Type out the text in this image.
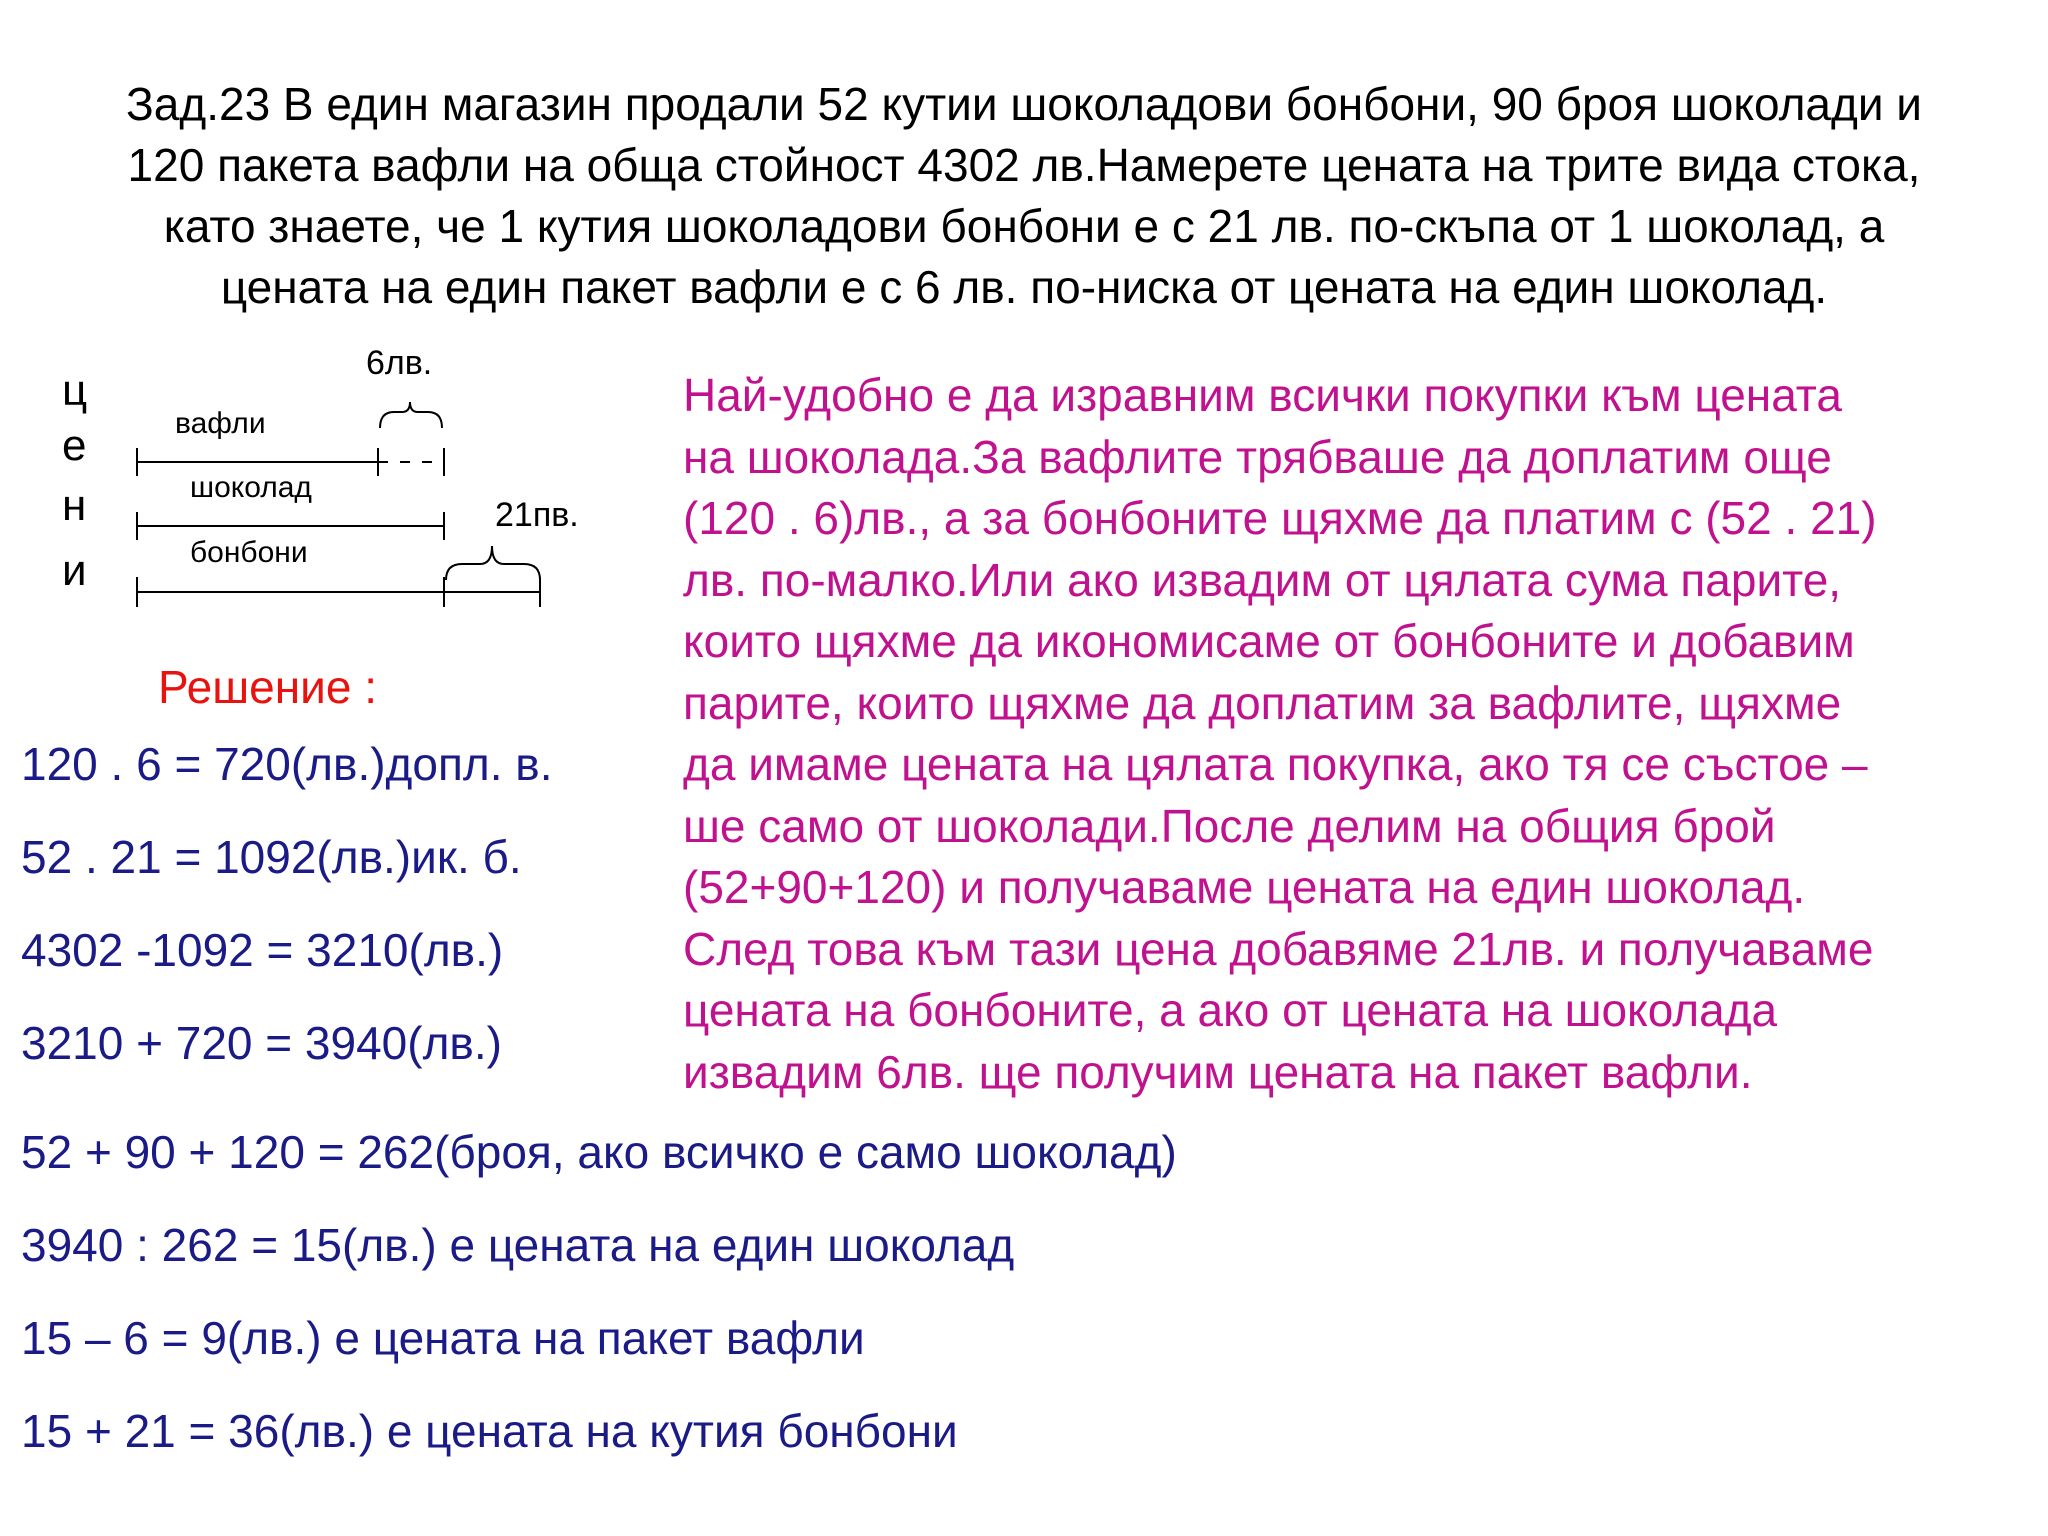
Зад.23 В един магазин продали 52 кутии шоколадови бонбони, 90 броя шоколади и
120 пакета вафли на обща стойност 4302 лв.Намерете цената на трите вида стока,
като знаете, че 1 кутия шоколадови бонбони е с 21 лв. по-скъпа от 1 шоколад, а
цената на един пакет вафли е с 6 лв. по-ниска от цената на един шоколад.
ц
е
н
и
6лв.
вафли
шоколад
21пв.
бонбони

Решение :

120 . 6 = 720(лв.)допл. в.

52 . 21 = 1092(лв.)ик. б.

4302 -1092 = 3210(лв.)

3210 + 720 = 3940(лв.)

52 + 90 + 120 = 262(броя, ако всичко е само шоколад)

3940 : 262 = 15(лв.) е цената на един шоколад

15 – 6 = 9(лв.) е цената на пакет вафли

15 + 21 = 36(лв.) е цената на кутия бонбони

Най-удобно е да изравним всички покупки към цената
на шоколада.За вафлите трябваше да доплатим още
(120 . 6)лв., а за бонбоните щяхме да платим с (52 . 21)
лв. по-малко.Или ако извадим от цялата сума парите,
които щяхме да икономисаме от бонбоните и добавим
парите, които щяхме да доплатим за вафлите, щяхме
да имаме цената на цялата покупка, ако тя се състое –
ше само от шоколади.После делим на общия брой
(52+90+120) и получаваме цената на един шоколад.
След това към тази цена добавяме 21лв. и получаваме
цената на бонбоните, а ако от цената на шоколада
извадим 6лв. ще получим цената на пакет вафли.
